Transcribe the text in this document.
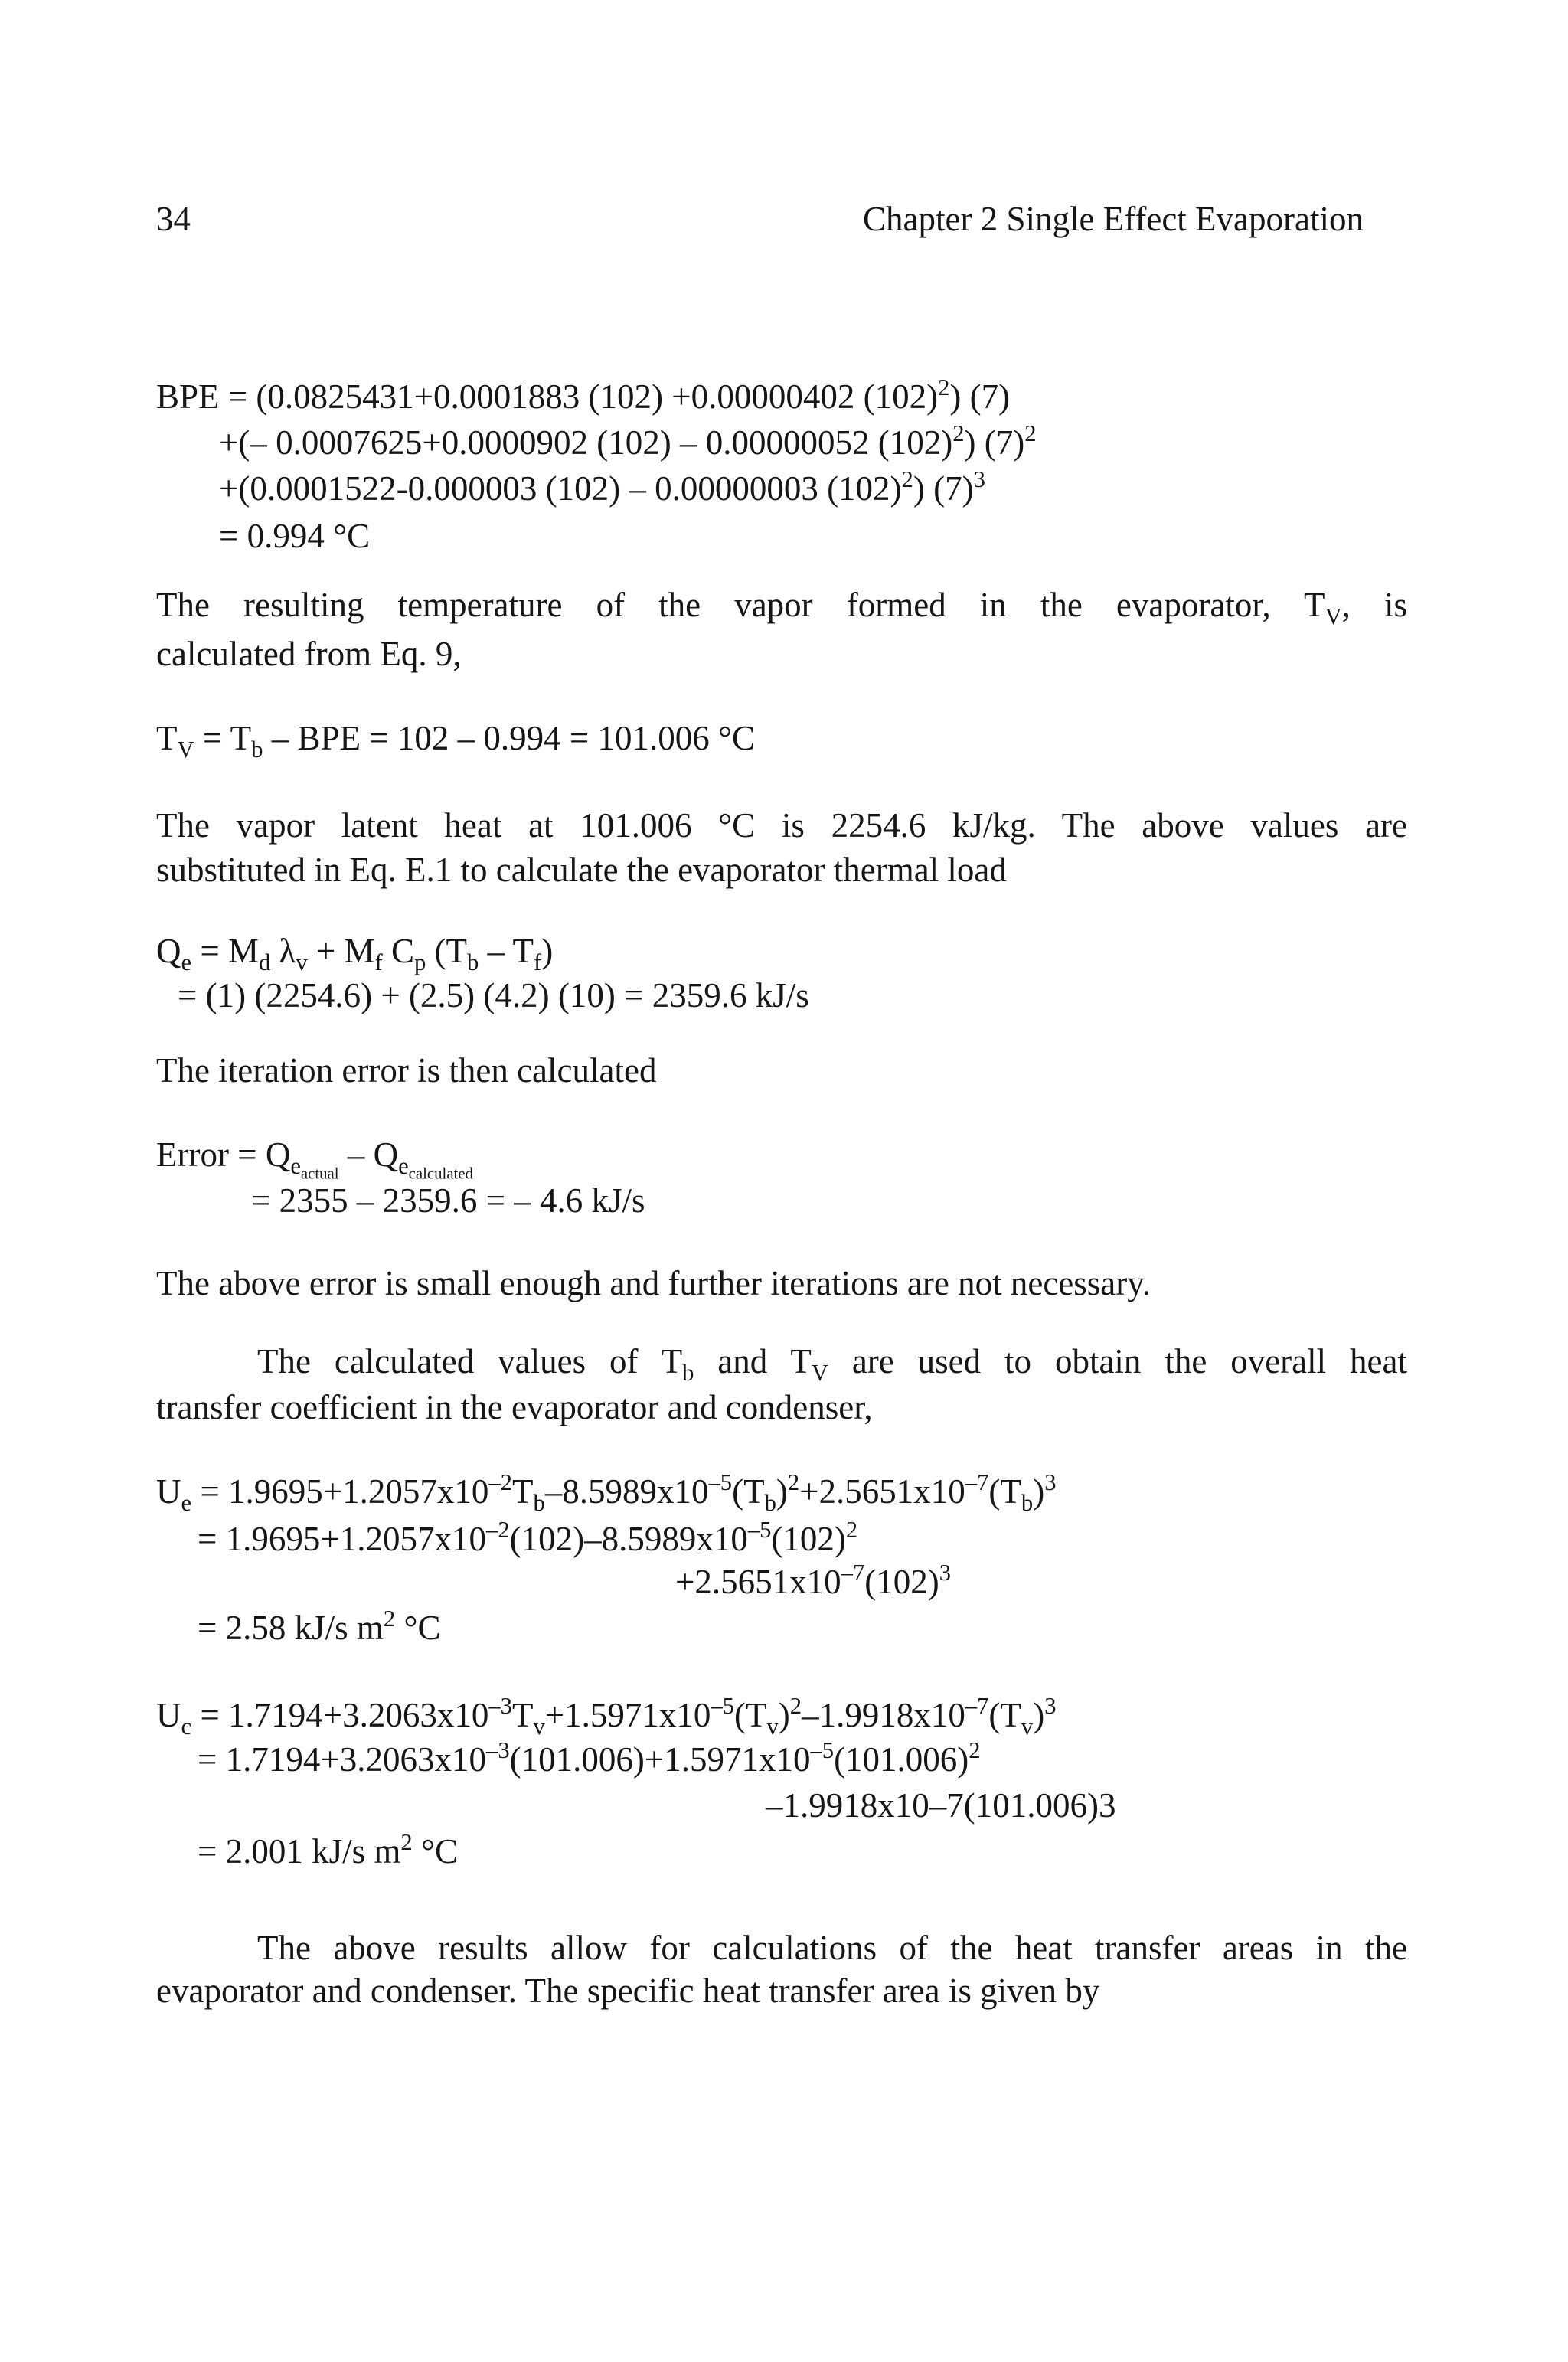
34	Chapter 2 Single Effect Evaporation
BPE = (0.0825431+0.0001883 (102) +0.00000402 $(102)^2$) (7)
+(– 0.0007625+0.0000902 (102) – 0.00000052 $(102)^2$) $(7)^2$
+(0.0001522-0.000003 (102) – 0.00000003 $(102)^2$) $(7)^3$
= 0.994 °C
The resulting temperature of the vapor formed in the evaporator, $T_V$, is
calculated from Eq. 9,
$T_V = T_b$ – BPE = 102 – 0.994 = 101.006 °C
The vapor latent heat at 101.006 °C is 2254.6 kJ/kg. The above values are
substituted in Eq. E.1 to calculate the evaporator thermal load
$Q_e = M_d$ $\lambda_v + M_f$ $C_p$ $(T_b - T_f)$
= (1) (2254.6) + (2.5) (4.2) (10) = 2359.6 kJ/s
The iteration error is then calculated
Error = $Q_{e_{actual}} - Q_{e_{calculated}}$
= 2355 – 2359.6 = – 4.6 kJ/s
The above error is small enough and further iterations are not necessary.
The calculated values of $T_b$ and $T_V$ are used to obtain the overall heat
transfer coefficient in the evaporator and condenser,
$U_e = 1.9695+1.2057x10^{-2}T_b-8.5989x10^{-5}(T_b)^2+2.5651x10^{-7}(T_b)^3$
= $1.9695+1.2057x10^{-2}(102)-8.5989x10^{-5}(102)^2$
$+2.5651x10^{-7}(102)^3$
= 2.58 kJ/s $m^2$ °C
$U_c = 1.7194+3.2063x10^{-3}T_v+1.5971x10^{-5}(T_v)^2-1.9918x10^{-7}(T_v)^3$
= $1.7194+3.2063x10^{-3}(101.006)+1.5971x10^{-5}(101.006)^2$
–1.9918x10–7(101.006)3
= 2.001 kJ/s $m^2$ °C
The above results allow for calculations of the heat transfer areas in the
evaporator and condenser. The specific heat transfer area is given by
